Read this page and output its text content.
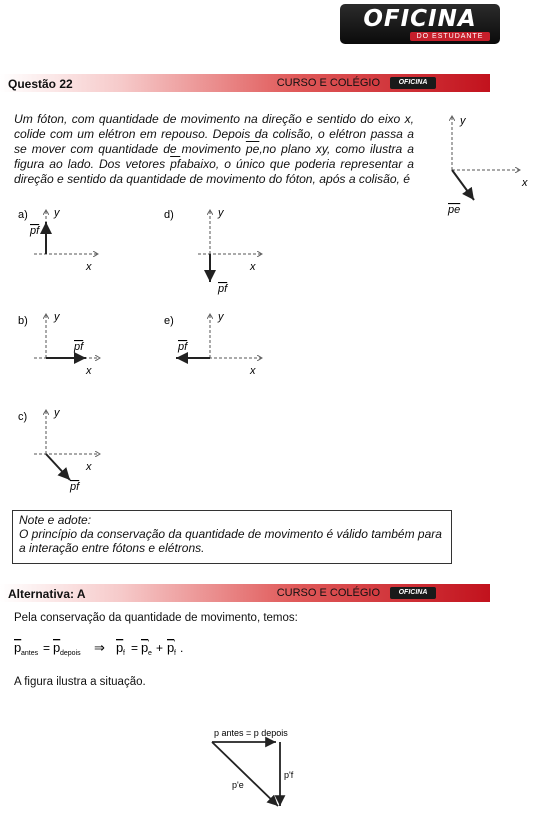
OFICINA
DO ESTUDANTE
Questão 22	CURSO E COLÉGIO	OFICINA
Um fóton, com quantidade de movimento na direção e sentido do eixo x, colide com um elétron em repouso. Depois da colisão, o elétron passa a se mover com quantidade de movimento $\overline{pe},no$ plano xy, como ilustra a figura ao lado. Dos vetores $\overline{pf}abaixo$, o único que poderia representar a direção e sentido da quantidade de movimento do fóton, após a colisão, é
y
x
pe
a) y
x
pf
d)	y
x
pf
b) y
x
pf
e)	y
x
pf
c) y
x
pf
Note e adote:
O princípio da conservação da quantidade de movimento é válido também para a interação entre fótons e elétrons.
Alternativa: A	CURSO E COLÉGIO	OFICINA
Pela conservação da quantidade de movimento, temos:
p antes = p depois ⇒ p f = p '
e + p '
f .
A figura ilustra a situação.
p antes = p depois
p'e
p'f
